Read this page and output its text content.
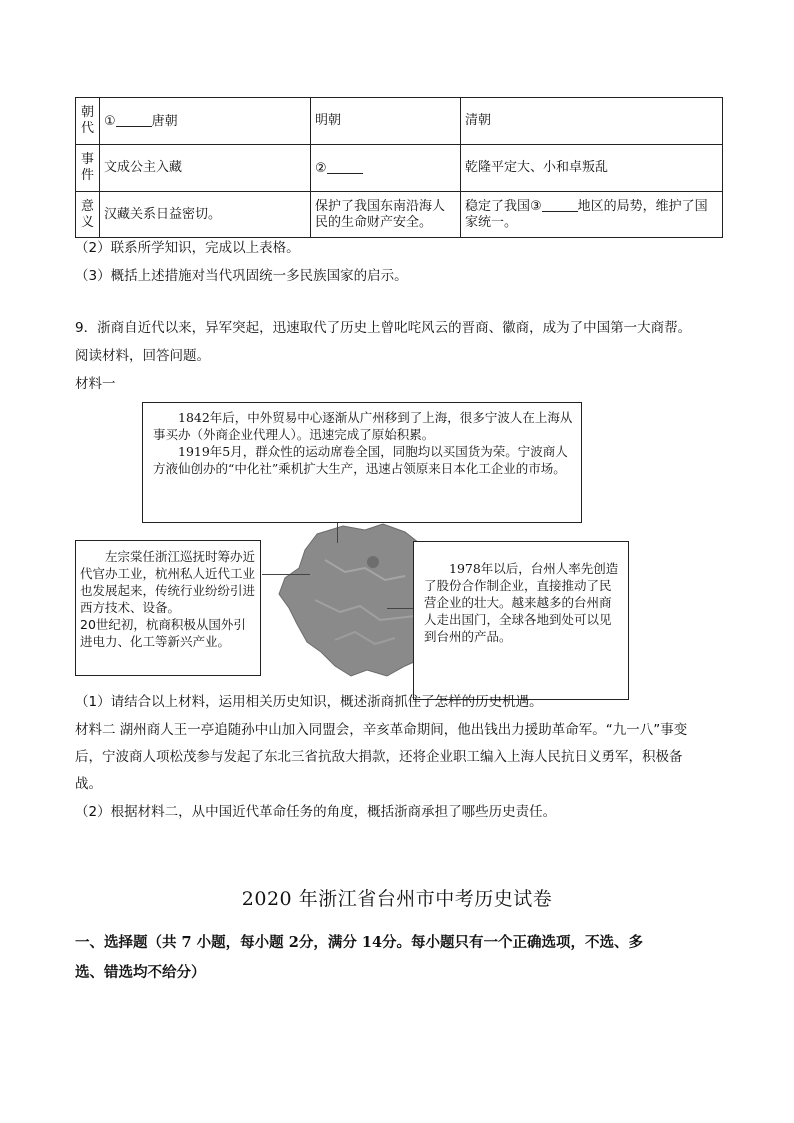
朝
代	① 唐朝	明朝	清朝

事
件	文成公主入藏	②	乾隆平定大、小和卓叛乱

意
义	汉藏关系日益密切。	保护了我国东南沿海人民的生命财产安全。	稳定了我国③ 地区的局势，维护了国家统一。
（2）联系所学知识，完成以上表格。
（3）概括上述措施对当代巩固统一多民族国家的启示。
9．浙商自近代以来，异军突起，迅速取代了历史上曾叱咤风云的晋商、徽商，成为了中国第一大商帮。
阅读材料，回答问题。
材料一

1842年后，中外贸易中心逐渐从广州移到了上海，很多宁波人在上海从事买办（外商企业代理人）。迅速完成了原始积累。

1919年5月，群众性的运动席卷全国，同胞均以买国货为荣。宁波商人方液仙创办的“中化社”乘机扩大生产，迅速占领原来日本化工企业的市场。

左宗棠任浙江巡抚时筹办近代官办工业，杭州私人近代工业也发展起来，传统行业纷纷引进西方技术、设备。

20世纪初，杭商积极从国外引进电力、化工等新兴产业。

1978年以后，台州人率先创造了股份合作制企业，直接推动了民营企业的壮大。越来越多的台州商人走出国门，全球各地到处可以见到台州的产品。

（1）请结合以上材料，运用相关历史知识，概述浙商抓住了怎样的历史机遇。
材料二 湖州商人王一亭追随孙中山加入同盟会，辛亥革命期间，他出钱出力援助革命军。“九一八”事变
后，宁波商人项松茂参与发起了东北三省抗敌大捐款，还将企业职工编入上海人民抗日义勇军，积极备
战。
（2）根据材料二，从中国近代革命任务的角度，概括浙商承担了哪些历史责任。
2020 年浙江省台州市中考历史试卷
一、选择题（共 7 小题，每小题 2分，满分 14分。每小题只有一个正确选项，不选、多
选、错选均不给分）
